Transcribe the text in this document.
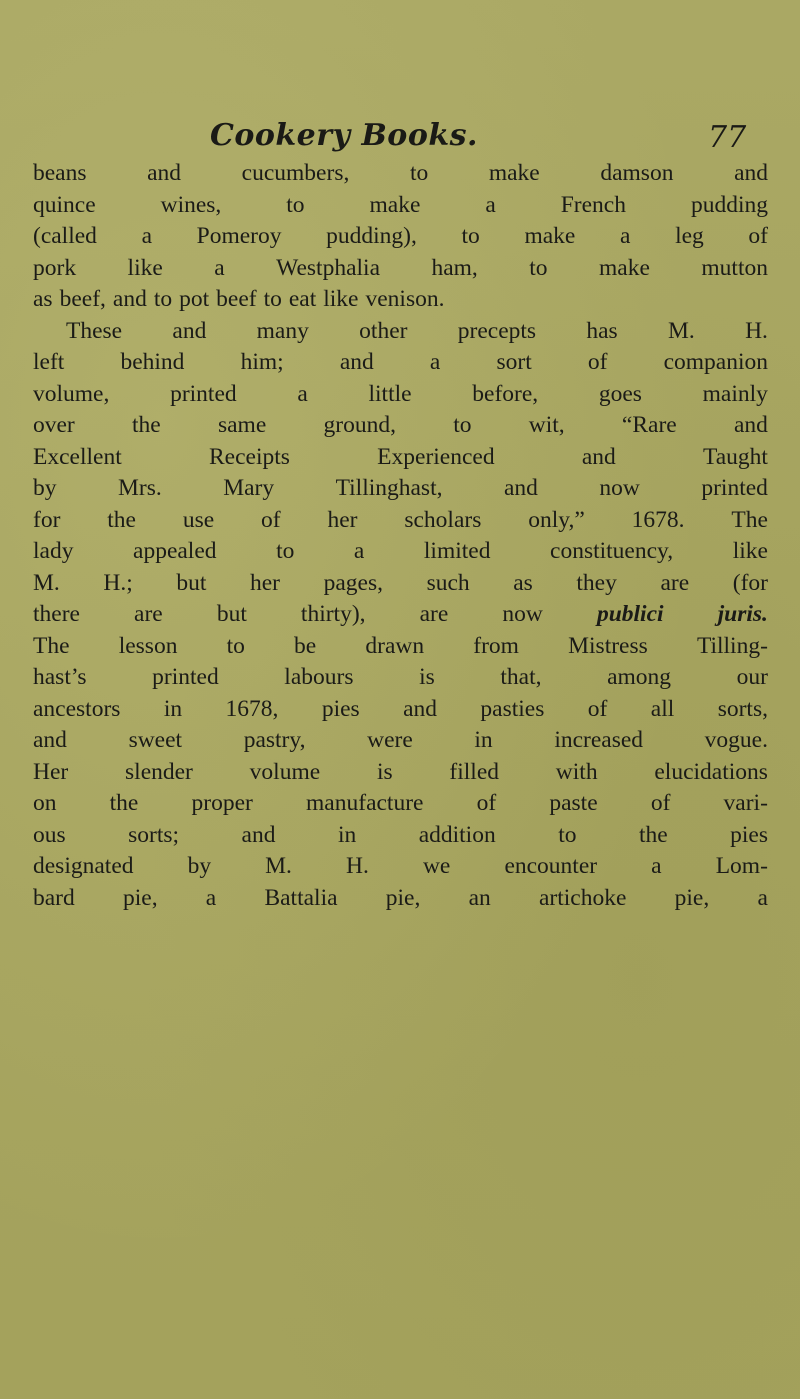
Cookery Books.	77
beans	and	cucumbers,	to	make	damson	and
quince	wines,	to	make	a	French	pudding
(called a Pomeroy pudding), to make a leg of
pork like a Westphalia ham, to make mutton
as beef, and to pot beef to eat like venison.
These and many other precepts has M. H.
left behind him; and a sort of companion
volume,	printed	a	little	before,	goes	mainly
over the same ground, to wit, “Rare and
Excellent	Receipts	Experienced	and	Taught
by	Mrs.	Mary	Tillinghast,	and	now	printed
for the use of her scholars only,” 1678. The
lady	appealed	to	a	limited	constituency,	like
M. H.; but her pages, such as they are (for
there are but thirty), are now publici juris.
The lesson to be drawn from Mistress Tilling-
hast’s	printed	labours	is	that,	among	our
ancestors in 1678, pies and pasties of all sorts,
and	sweet	pastry,	were	in	increased	vogue.
Her slender volume is filled with elucidations
on the proper manufacture of paste of vari-
ous	sorts;	and	in	addition	to	the	pies
designated by M. H. we encounter a Lom-
bard pie, a Battalia pie, an artichoke pie, a
